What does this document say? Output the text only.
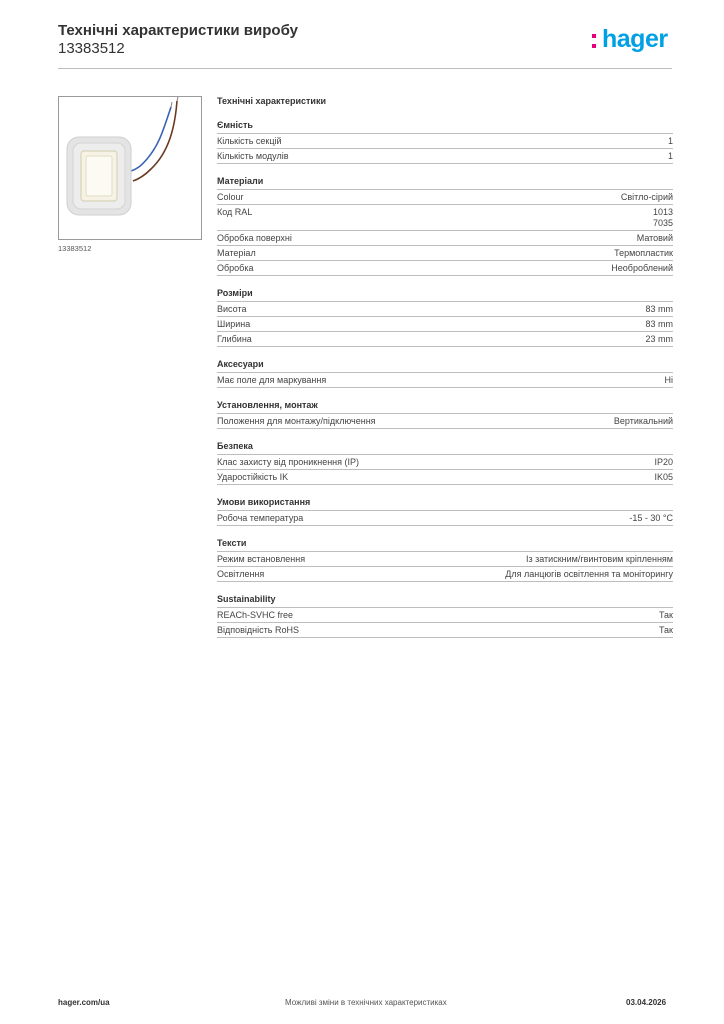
Технічні характеристики виробу
13383512	hager
13383512
Технічні характеристики
Ємність
Кількість секцій	1
Кількість модулів	1
Матеріали
Colour	Світло-сірий
Код RAL	1013
7035
Обробка поверхні	Матовий
Матеріал	Термопластик
Обробка	Необроблений
Розміри
Висота	83 mm
Ширина	83 mm
Глибина	23 mm
Аксесуари
Має поле для маркування	Ні
Установлення, монтаж
Положення для монтажу/підключення	Вертикальний
Безпека
Клас захисту від проникнення (IP)	IP20
Ударостійкість IK	IK05
Умови використання
Робоча температура	-15 - 30 °C
Тексти
Режим встановлення	Із затискним/гвинтовим кріпленням
Освітлення	Для ланцюгів освітлення та моніторингу
Sustainability
REACh-SVHC free	Так
Відповідність RoHS	Так
hager.com/ua	Можливі зміни в технічних характеристиках	03.04.2026
